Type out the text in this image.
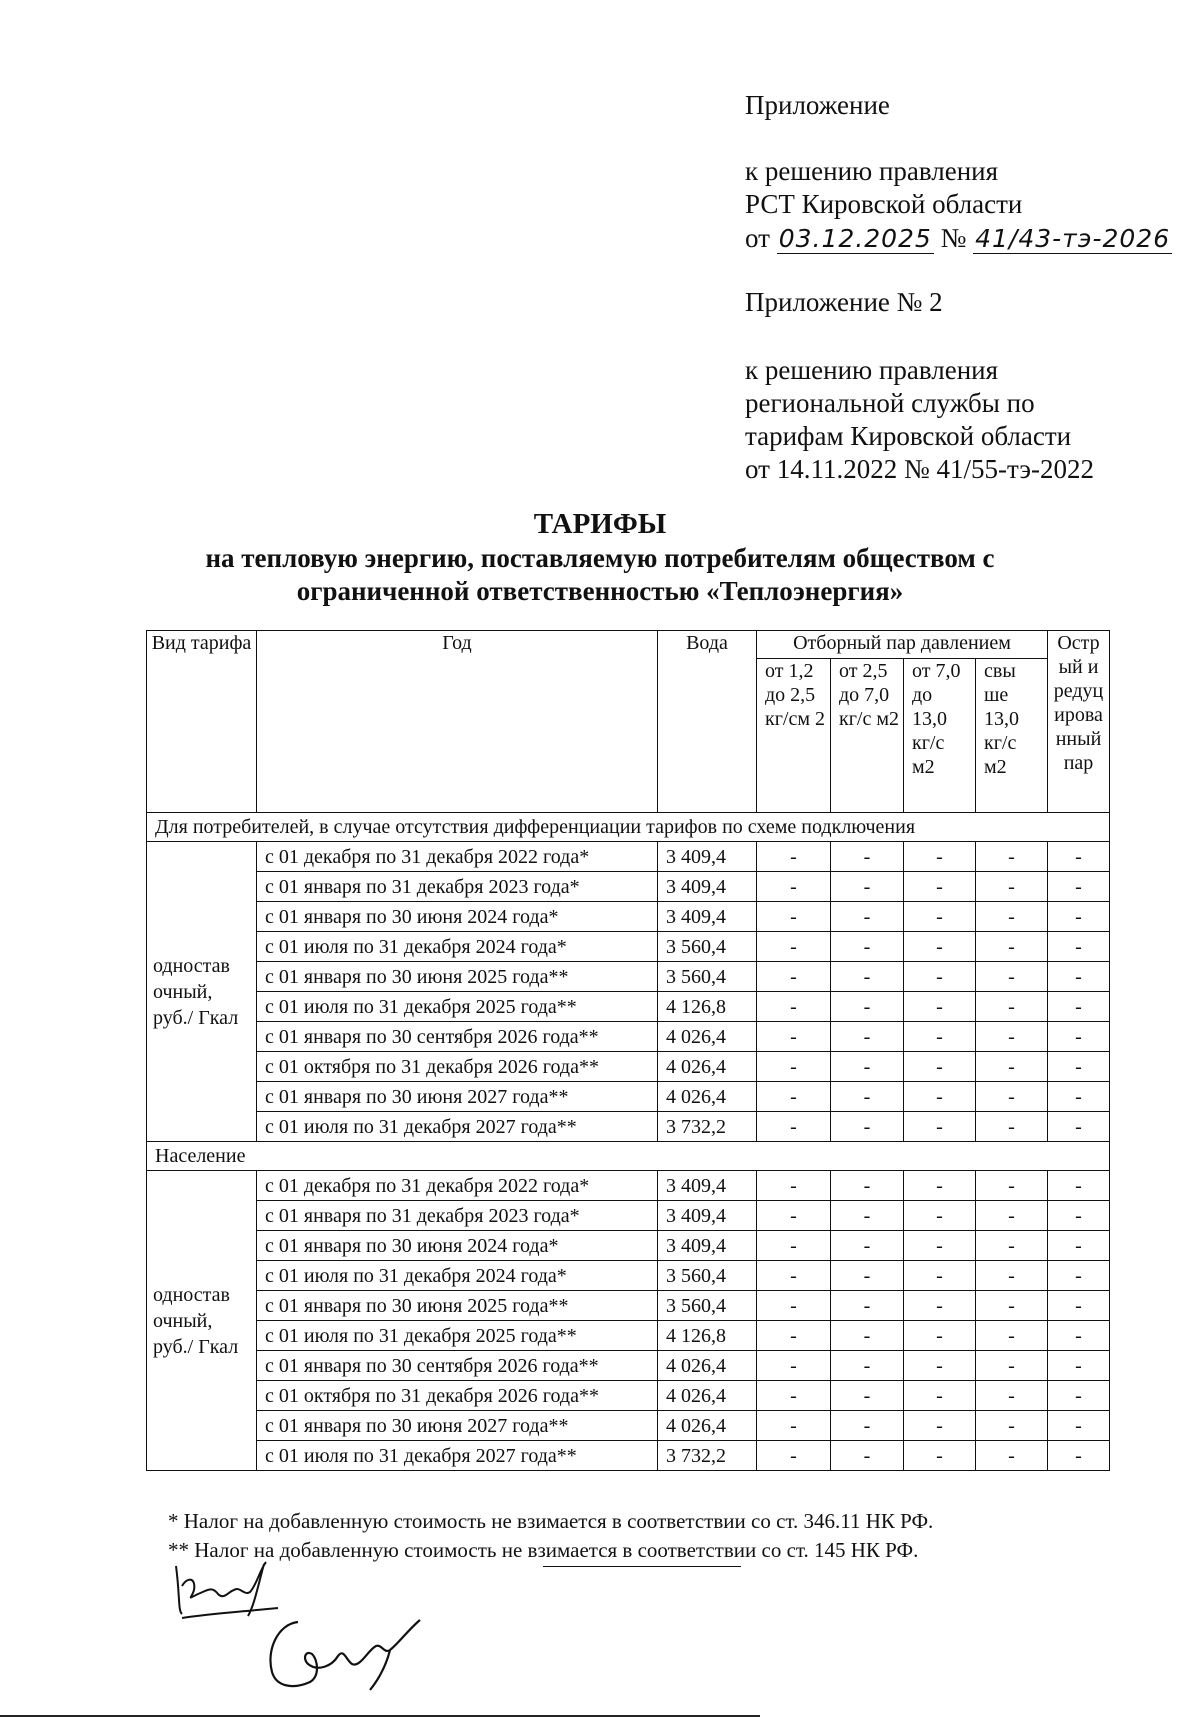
Приложение
к решению правления
РСТ Кировской области
от 03.12.2025 № 41/43-тэ-2026
Приложение № 2
к решению правления
региональной службы по
тарифам Кировской области
от 14.11.2022 № 41/55-тэ-2022
ТАРИФЫ
на тепловую энергию, поставляемую потребителям обществом с
ограниченной ответственностью «Теплоэнергия»
Вид тарифа	Год	Вода	Отборный пар давлением				Остр ый и редуц ирова нный пар
			от 1,2 до 2,5 кг/см 2	от 2,5 до 7,0 кг/с м2	от 7,0 до 13,0 кг/с м2	свы ше 13,0 кг/с м2	
Для потребителей, в случае отсутствия дифференциации тарифов по схеме подключения							
одностав очный, руб./ Гкал	с 01 декабря по 31 декабря 2022 года*	3 409,4	-	-	-	-	-
	с 01 января по 31 декабря 2023 года*	3 409,4	-	-	-	-	-
	с 01 января по 30 июня 2024 года*	3 409,4	-	-	-	-	-
	с 01 июля по 31 декабря 2024 года*	3 560,4	-	-	-	-	-
	с 01 января по 30 июня 2025 года**	3 560,4	-	-	-	-	-
	с 01 июля по 31 декабря 2025 года**	4 126,8	-	-	-	-	-
	с 01 января по 30 сентября 2026 года**	4 026,4	-	-	-	-	-
	с 01 октября по 31 декабря 2026 года**	4 026,4	-	-	-	-	-
	с 01 января по 30 июня 2027 года**	4 026,4	-	-	-	-	-
	с 01 июля по 31 декабря 2027 года**	3 732,2	-	-	-	-	-
Население							
одностав очный, руб./ Гкал	с 01 декабря по 31 декабря 2022 года*	3 409,4	-	-	-	-	-
	с 01 января по 31 декабря 2023 года*	3 409,4	-	-	-	-	-
	с 01 января по 30 июня 2024 года*	3 409,4	-	-	-	-	-
	с 01 июля по 31 декабря 2024 года*	3 560,4	-	-	-	-	-
	с 01 января по 30 июня 2025 года**	3 560,4	-	-	-	-	-
	с 01 июля по 31 декабря 2025 года**	4 126,8	-	-	-	-	-
	с 01 января по 30 сентября 2026 года**	4 026,4	-	-	-	-	-
	с 01 октября по 31 декабря 2026 года**	4 026,4	-	-	-	-	-
	с 01 января по 30 июня 2027 года**	4 026,4	-	-	-	-	-
	с 01 июля по 31 декабря 2027 года**	3 732,2	-	-	-	-	-
* Налог на добавленную стоимость не взимается в соответствии со ст. 346.11 НК РФ.
** Налог на добавленную стоимость не взимается в соответствии со ст. 145 НК РФ.
